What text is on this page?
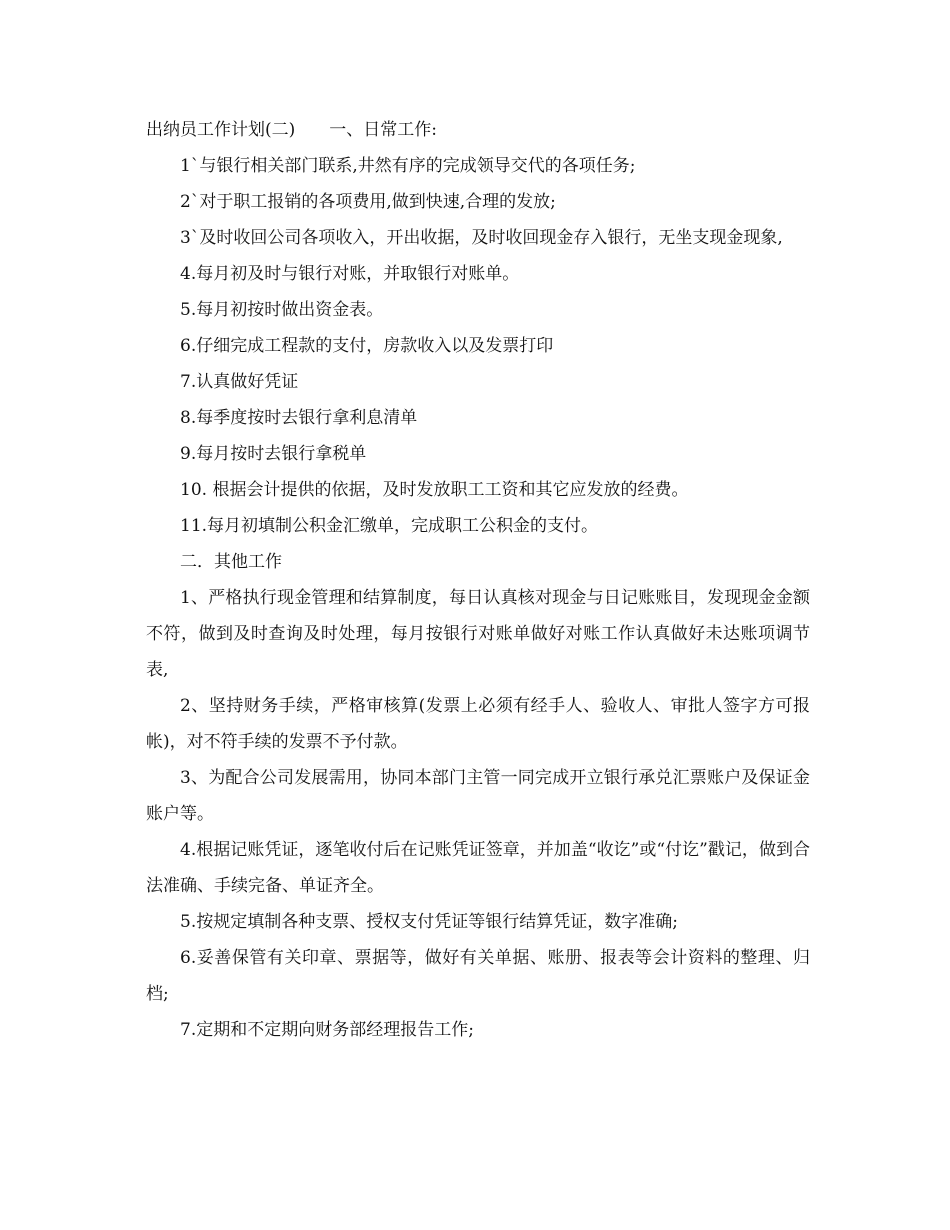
出纳员工作计划(二)　　一、日常工作:

1`与银行相关部门联系,井然有序的完成领导交代的各项任务;

2`对于职工报销的各项费用,做到快速,合理的发放;

3`及时收回公司各项收入，开出收据，及时收回现金存入银行，无坐支现金现象,

4.每月初及时与银行对账，并取银行对账单。

5.每月初按时做出资金表。

6.仔细完成工程款的支付，房款收入以及发票打印

7.认真做好凭证

8.每季度按时去银行拿利息清单

9.每月按时去银行拿税单

10. 根据会计提供的依据，及时发放职工工资和其它应发放的经费。

11.每月初填制公积金汇缴单，完成职工公积金的支付。

二．其他工作

1、严格执行现金管理和结算制度，每日认真核对现金与日记账账目，发现现金金额不符，做到及时查询及时处理，每月按银行对账单做好对账工作认真做好未达账项调节表,

2、坚持财务手续，严格审核算(发票上必须有经手人、验收人、审批人签字方可报帐)，对不符手续的发票不予付款。

3、为配合公司发展需用，协同本部门主管一同完成开立银行承兑汇票账户及保证金账户等。

4.根据记账凭证，逐笔收付后在记账凭证签章，并加盖“收讫”或“付讫”戳记，做到合法准确、手续完备、单证齐全。

5.按规定填制各种支票、授权支付凭证等银行结算凭证，数字准确;

6.妥善保管有关印章、票据等，做好有关单据、账册、报表等会计资料的整理、归档;

7.定期和不定期向财务部经理报告工作;
